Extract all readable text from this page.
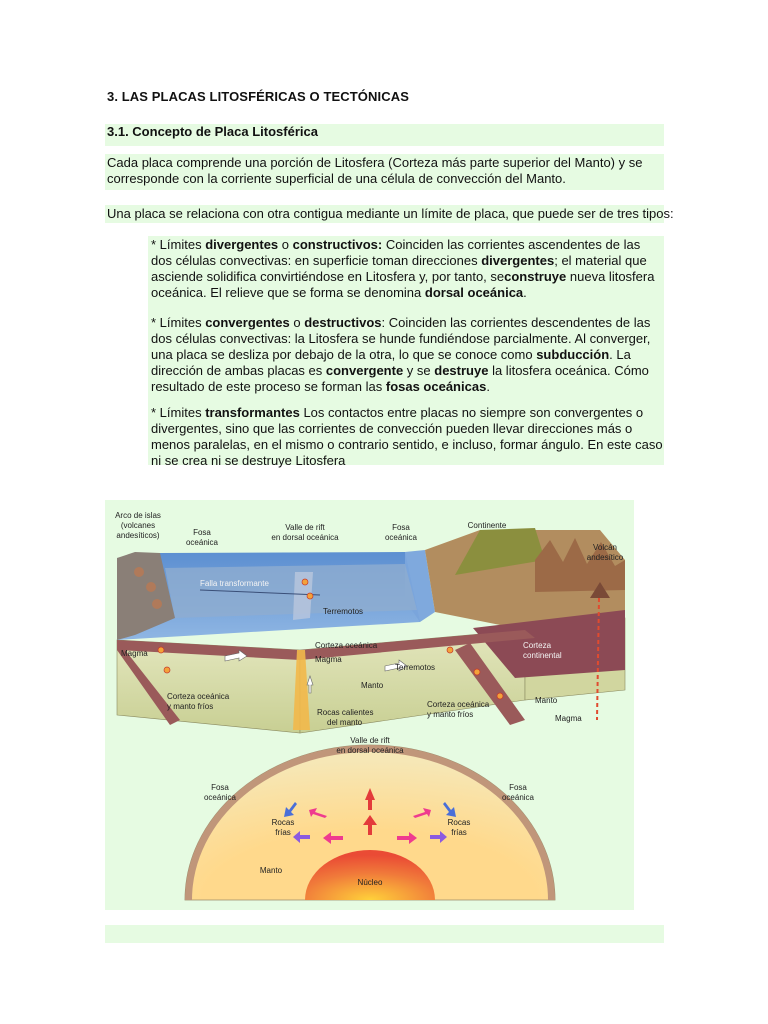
3. LAS PLACAS LITOSFÉRICAS O TECTÓNICAS
3.1. Concepto de Placa Litosférica
Cada placa comprende una porción de Litosfera (Corteza más parte superior del Manto) y se
corresponde con la corriente superficial de una célula de convección del Manto.
Una placa se relaciona con otra contigua mediante un límite de placa, que puede ser de tres tipos:
* Límites divergentes o constructivos: Coinciden las corrientes ascendentes de las dos células convectivas: en superficie toman direcciones divergentes; el material que asciende solidifica convirtiéndose en Litosfera y, por tanto, seconstruye nueva litosfera oceánica. El relieve que se forma se denomina dorsal oceánica.
* Límites convergentes o destructivos: Coinciden las corrientes descendentes de las dos células convectivas: la Litosfera se hunde fundiéndose parcialmente. Al converger, una placa se desliza por debajo de la otra, lo que se conoce como subducción. La dirección de ambas placas es convergente y se destruye la litosfera oceánica. Cómo resultado de este proceso se forman las fosas oceánicas.
* Límites transformantes Los contactos entre placas no siempre son convergentes o divergentes, sino que las corrientes de convección pueden llevar direcciones más o menos paralelas, en el mismo o contrario sentido, e incluso, formar ángulo. En este caso ni se crea ni se destruye Litosfera
Arco de islas
(volcanes
andesíticos)	Fosa
oceánica
Valle de rift
en dorsal oceánica
Fosa
oceánica
Continente
Volcán
andesítico
Falla transformante
Terremotos
Magma
Corteza oceánica
Magma
Terremotos
Corteza
continental
Manto
Manto
Corteza oceánica
y manto fríos
Rocas calientes
del manto
Corteza oceánica
y manto fríos	Magma
Valle de rift
en dorsal oceánica
Fosa
oceánica
Fosa
oceánica
Rocas
frías
Rocas
frías
Manto
Núcleo
